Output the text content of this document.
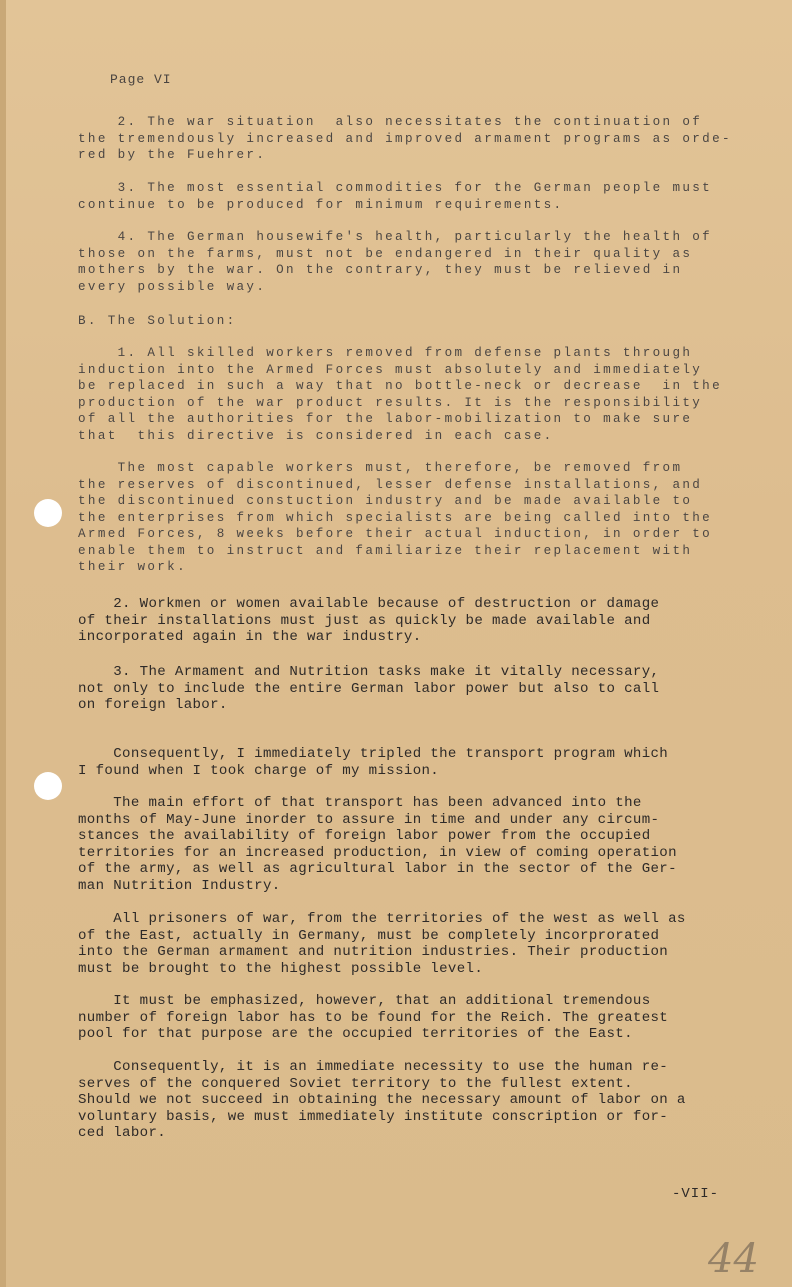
Page VI

2. The war situation  also necessitates the continuation of
the tremendously increased and improved armament programs as orde-
red by the Fuehrer.

3. The most essential commodities for the German people must
continue to be produced for minimum requirements.

4. The German housewife's health, particularly the health of
those on the farms, must not be endangered in their quality as
mothers by the war. On the contrary, they must be relieved in
every possible way.

B. The Solution:

1. All skilled workers removed from defense plants through
induction into the Armed Forces must absolutely and immediately
be replaced in such a way that no bottle-neck or decrease  in the
production of the war product results. It is the responsibility
of all the authorities for the labor-mobilization to make sure
that  this directive is considered in each case.

The most capable workers must, therefore, be removed from
the reserves of discontinued, lesser defense installations, and
the discontinued constuction industry and be made available to
the enterprises from which specialists are being called into the
Armed Forces, 8 weeks before their actual induction, in order to
enable them to instruct and familiarize their replacement with
their work.

2. Workmen or women available because of destruction or damage
of their installations must just as quickly be made available and
incorporated again in the war industry.

3. The Armament and Nutrition tasks make it vitally necessary,
not only to include the entire German labor power but also to call
on foreign labor.

Consequently, I immediately tripled the transport program which
I found when I took charge of my mission.

The main effort of that transport has been advanced into the
months of May-June inorder to assure in time and under any circum-
stances the availability of foreign labor power from the occupied
territories for an increased production, in view of coming operation
of the army, as well as agricultural labor in the sector of the Ger-
man Nutrition Industry.

All prisoners of war, from the territories of the west as well as
of the East, actually in Germany, must be completely incorprorated
into the German armament and nutrition industries. Their production
must be brought to the highest possible level.

It must be emphasized, however, that an additional tremendous
number of foreign labor has to be found for the Reich. The greatest
pool for that purpose are the occupied territories of the East.

Consequently, it is an immediate necessity to use the human re-
serves of the conquered Soviet territory to the fullest extent.
Should we not succeed in obtaining the necessary amount of labor on a
voluntary basis, we must immediately institute conscription or for-
ced labor.

-VII-
44
